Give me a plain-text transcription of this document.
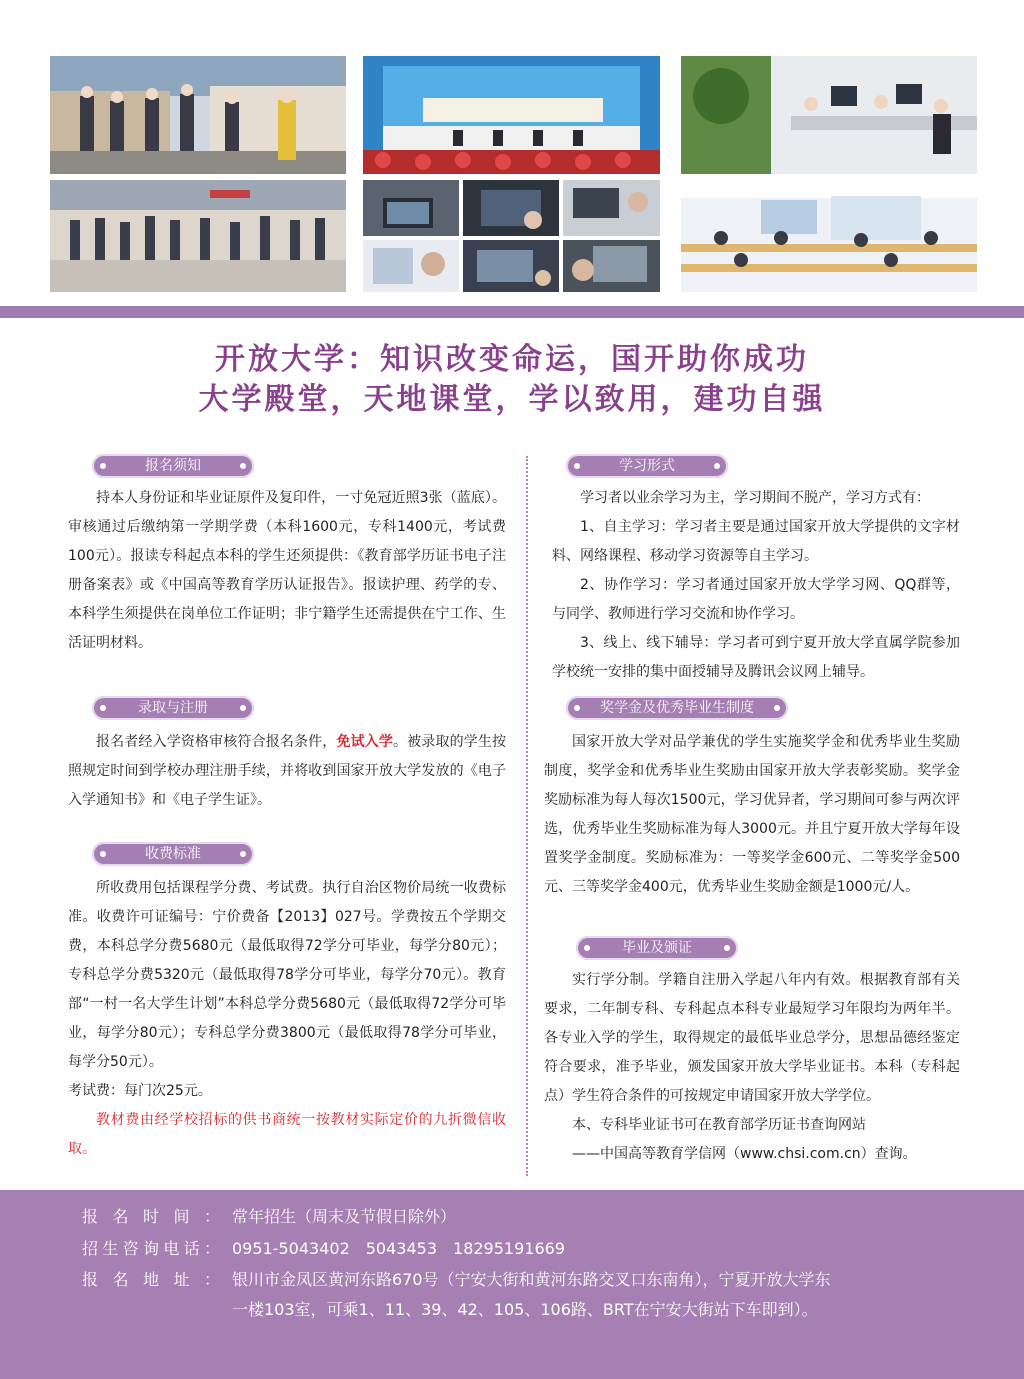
开放大学：知识改变命运，国开助你成功
大学殿堂，天地课堂，学以致用，建功自强
报名须知

持本人身份证和毕业证原件及复印件，一寸免冠近照3张（蓝底）。审核通过后缴纳第一学期学费（本科1600元，专科1400元，考试费100元）。报读专科起点本科的学生还须提供：《教育部学历证书电子注册备案表》或《中国高等教育学历认证报告》。报读护理、药学的专、本科学生须提供在岗单位工作证明；非宁籍学生还需提供在宁工作、生活证明材料。

录取与注册

报名者经入学资格审核符合报名条件，免试入学。被录取的学生按照规定时间到学校办理注册手续，并将收到国家开放大学发放的《电子入学通知书》和《电子学生证》。

收费标准

所收费用包括课程学分费、考试费。执行自治区物价局统一收费标准。收费许可证编号：宁价费备【2013】027号。学费按五个学期交费，本科总学分费5680元（最低取得72学分可毕业，每学分80元）；专科总学分费5320元（最低取得78学分可毕业，每学分70元）。教育部“一村一名大学生计划”本科总学分费5680元（最低取得72学分可毕业，每学分80元）；专科总学分费3800元（最低取得78学分可毕业，每学分50元）。

考试费：每门次25元。

教材费由经学校招标的供书商统一按教材实际定价的九折微信收取。

学习形式

学习者以业余学习为主，学习期间不脱产，学习方式有：

1、自主学习：学习者主要是通过国家开放大学提供的文字材料、网络课程、移动学习资源等自主学习。

2、协作学习：学习者通过国家开放大学学习网、QQ群等，与同学、教师进行学习交流和协作学习。

3、线上、线下辅导：学习者可到宁夏开放大学直属学院参加学校统一安排的集中面授辅导及腾讯会议网上辅导。

奖学金及优秀毕业生制度

国家开放大学对品学兼优的学生实施奖学金和优秀毕业生奖励制度，奖学金和优秀毕业生奖励由国家开放大学表彰奖励。奖学金奖励标准为每人每次1500元，学习优异者，学习期间可参与两次评选，优秀毕业生奖励标准为每人3000元。并且宁夏开放大学每年设置奖学金制度。奖励标准为：一等奖学金600元、二等奖学金500元、三等奖学金400元，优秀毕业生奖励金额是1000元/人。

毕业及颁证

实行学分制。学籍自注册入学起八年内有效。根据教育部有关要求，二年制专科、专科起点本科专业最短学习年限均为两年半。各专业入学的学生，取得规定的最低毕业总学分，思想品德经鉴定符合要求，准予毕业，颁发国家开放大学毕业证书。本科（专科起点）学生符合条件的可按规定申请国家开放大学学位。

本、专科毕业证书可在教育部学历证书查询网站

——中国高等教育学信网（www.chsi.com.cn）查询。

报名时间： 常年招生（周末及节假日除外）
招生咨询电话： 0951-5043402　5043453　18295191669
报名地址： 银川市金凤区黄河东路670号（宁安大街和黄河东路交叉口东南角），宁夏开放大学东
一楼103室，可乘1、11、39、42、105、106路、BRT在宁安大街站下车即到）。
